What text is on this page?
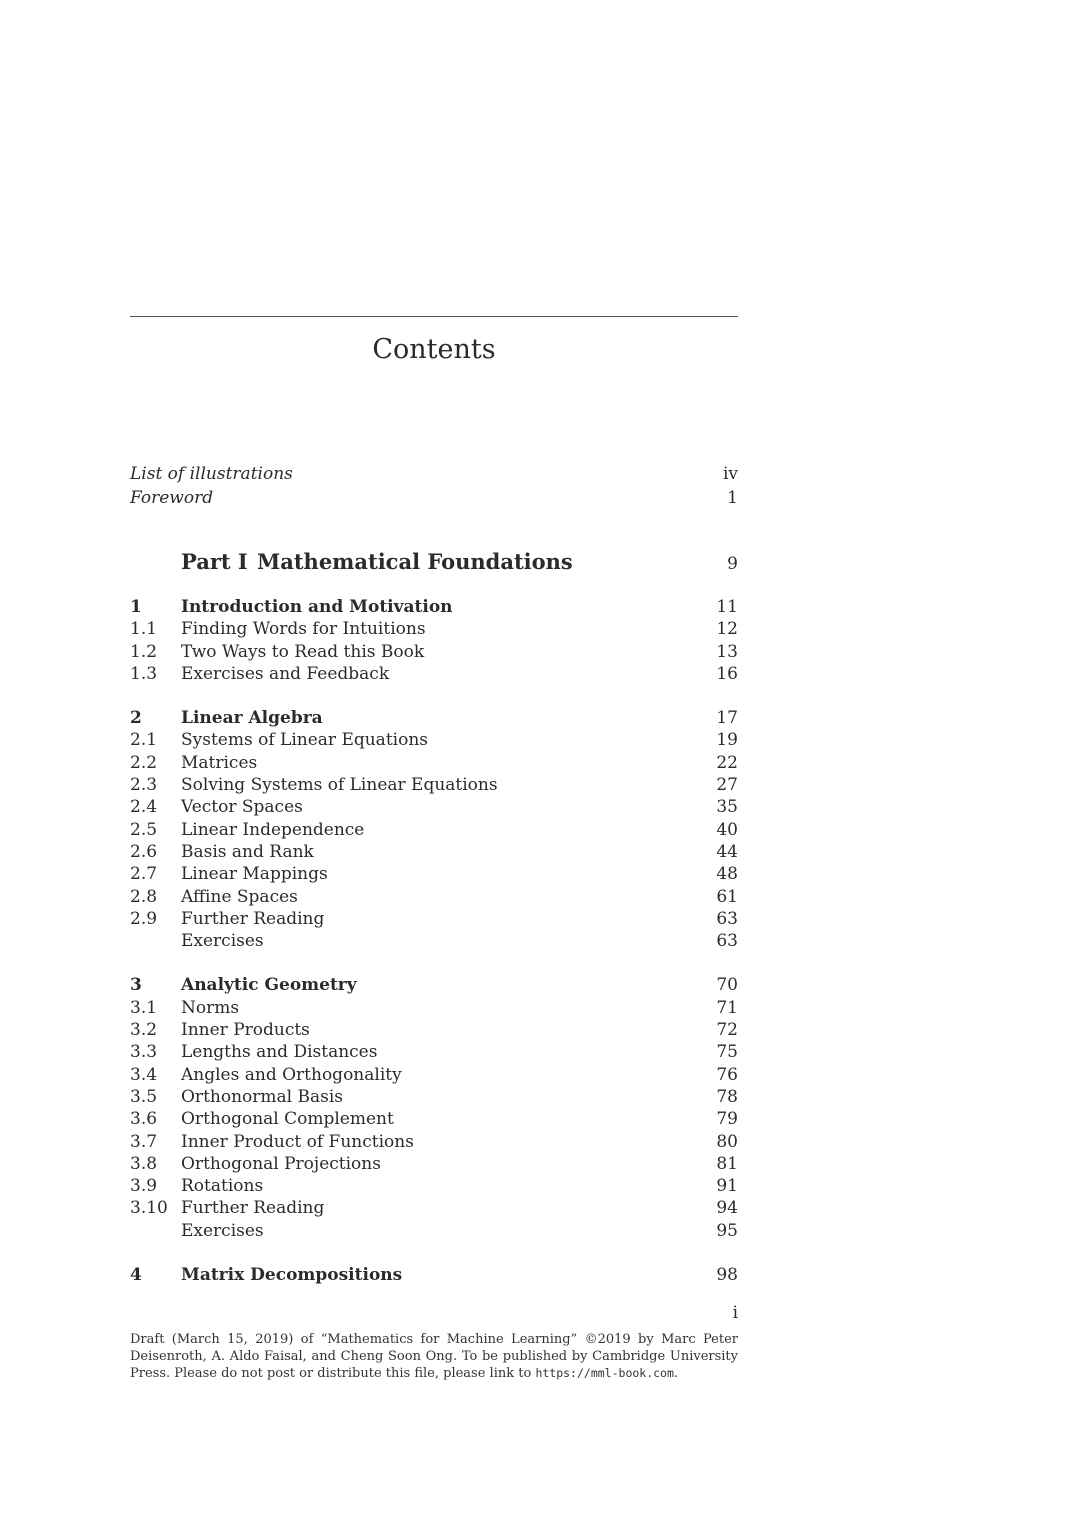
Contents
List of illustrations	iv
Foreword	1
Part I Mathematical Foundations	9
1 Introduction and Motivation	11
1.1 Finding Words for Intuitions	12
1.2 Two Ways to Read this Book	13
1.3 Exercises and Feedback	16
2 Linear Algebra	17
2.1 Systems of Linear Equations	19
2.2 Matrices	22
2.3 Solving Systems of Linear Equations	27
2.4 Vector Spaces	35
2.5 Linear Independence	40
2.6 Basis and Rank	44
2.7 Linear Mappings	48
2.8 Affine Spaces	61
2.9 Further Reading	63
Exercises	63
3 Analytic Geometry	70
3.1 Norms	71
3.2 Inner Products	72
3.3 Lengths and Distances	75
3.4 Angles and Orthogonality	76
3.5 Orthonormal Basis	78
3.6 Orthogonal Complement	79
3.7 Inner Product of Functions	80
3.8 Orthogonal Projections	81
3.9 Rotations	91
3.10 Further Reading	94
Exercises	95
4 Matrix Decompositions	98
i
Draft (March 15, 2019) of “Mathematics for Machine Learning” ©2019 by Marc Peter Deisenroth, A. Aldo Faisal, and Cheng Soon Ong. To be published by Cambridge University Press. Please do not post or distribute this file, please link to https://mml-book.com.
